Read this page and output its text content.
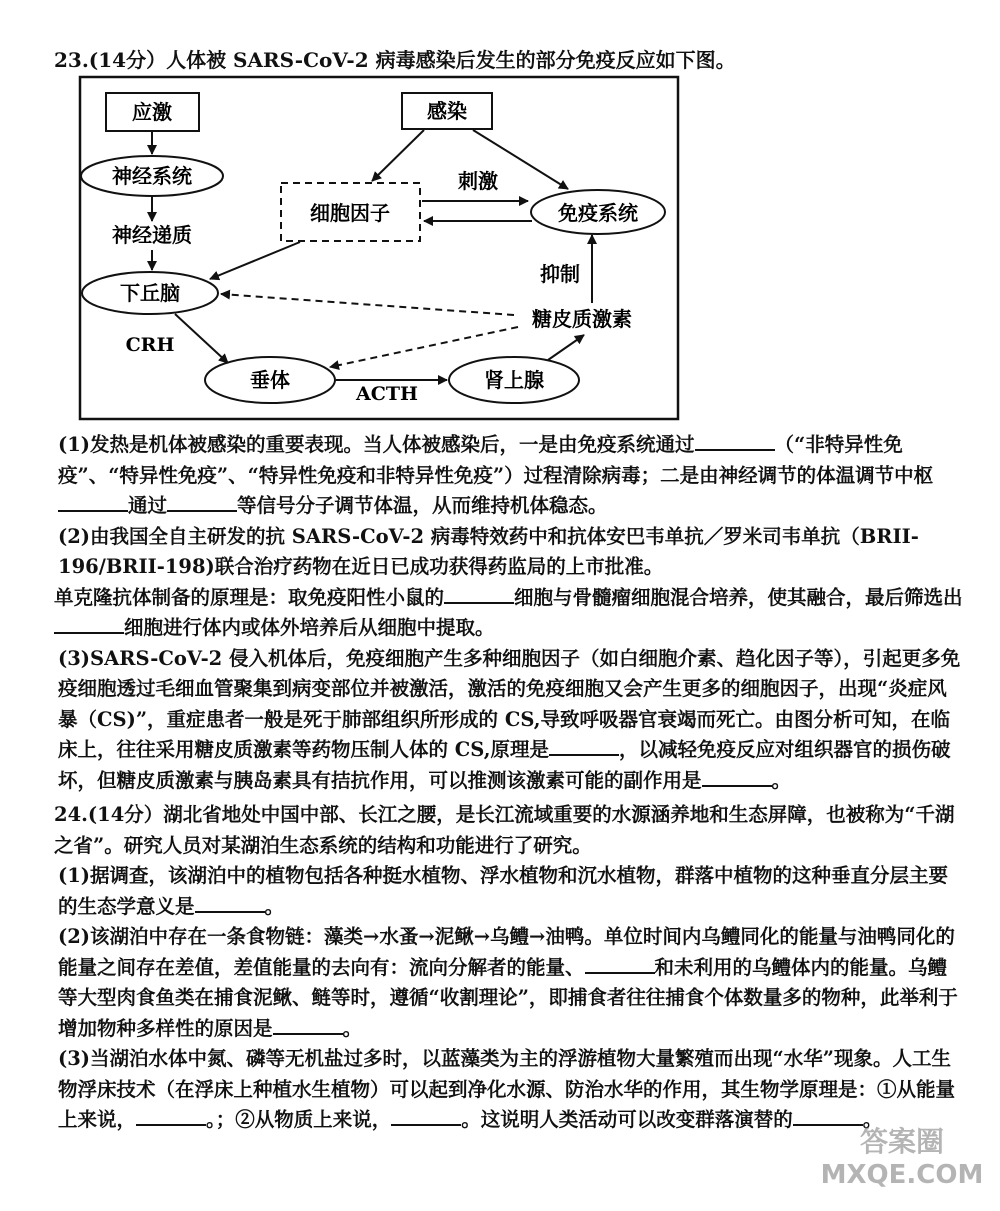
23.(14分）人体被 SARS-CoV-2 病毒感染后发生的部分免疫反应如下图。
应激	感染
神经系统
细胞因子	免疫系统
下丘脑
垂体	肾上腺
神经递质
刺激
抑制
糖皮质激素
CRH
ACTH

(1)发热是机体被感染的重要表现。当人体被感染后，一是由免疫系统通过	（“非特异性免疫”、“特异性免疫”、“特异性免疫和非特异性免疫”）过程清除病毒；二是由神经调节的体温调节中枢通过	等信号分子调节体温，从而维持机体稳态。

(2)由我国全自主研发的抗 SARS-CoV-2 病毒特效药中和抗体安巴韦单抗／罗米司韦单抗（BRII-196/BRII-198)联合治疗药物在近日已成功获得药监局的上市批准。

单克隆抗体制备的原理是：取免疫阳性小鼠的	细胞与骨髓瘤细胞混合培养，使其融合，最后筛选出细胞进行体内或体外培养后从细胞中提取。

(3)SARS-CoV-2 侵入机体后，免疫细胞产生多种细胞因子（如白细胞介素、趋化因子等），引起更多免疫细胞透过毛细血管聚集到病变部位并被激活，激活的免疫细胞又会产生更多的细胞因子，出现“炎症风暴（CS)”，重症患者一般是死于肺部组织所形成的 CS,导致呼吸器官衰竭而死亡。由图分析可知，在临床上，往往采用糖皮质激素等药物压制人体的 CS,原理是	，以减轻免疫反应对组织器官的损伤破坏，但糖皮质激素与胰岛素具有拮抗作用，可以推测该激素可能的副作用是	。

24.(14分）湖北省地处中国中部、长江之腰，是长江流域重要的水源涵养地和生态屏障，也被称为“千湖之省”。研究人员对某湖泊生态系统的结构和功能进行了研究。

(1)据调查，该湖泊中的植物包括各种挺水植物、浮水植物和沉水植物，群落中植物的这种垂直分层主要的生态学意义是	。

(2)该湖泊中存在一条食物链：藻类→水蚤→泥鳅→乌鳢→油鸭。单位时间内乌鳢同化的能量与油鸭同化的能量之间存在差值，差值能量的去向有：流向分解者的能量、	和未利用的乌鳢体内的能量。乌鳢等大型肉食鱼类在捕食泥鳅、鲢等时，遵循“收割理论”，即捕食者往往捕食个体数量多的物种，此举利于增加物种多样性的原因是	。

(3)当湖泊水体中氮、磷等无机盐过多时，以蓝藻类为主的浮游植物大量繁殖而出现“水华”现象。人工生物浮床技术（在浮床上种植水生植物）可以起到净化水源、防治水华的作用，其生物学原理是：①从能量上来说，	。；②从物质上来说，	。这说明人类活动可以改变群落演替的	。

答案圈
MXQE.COM
